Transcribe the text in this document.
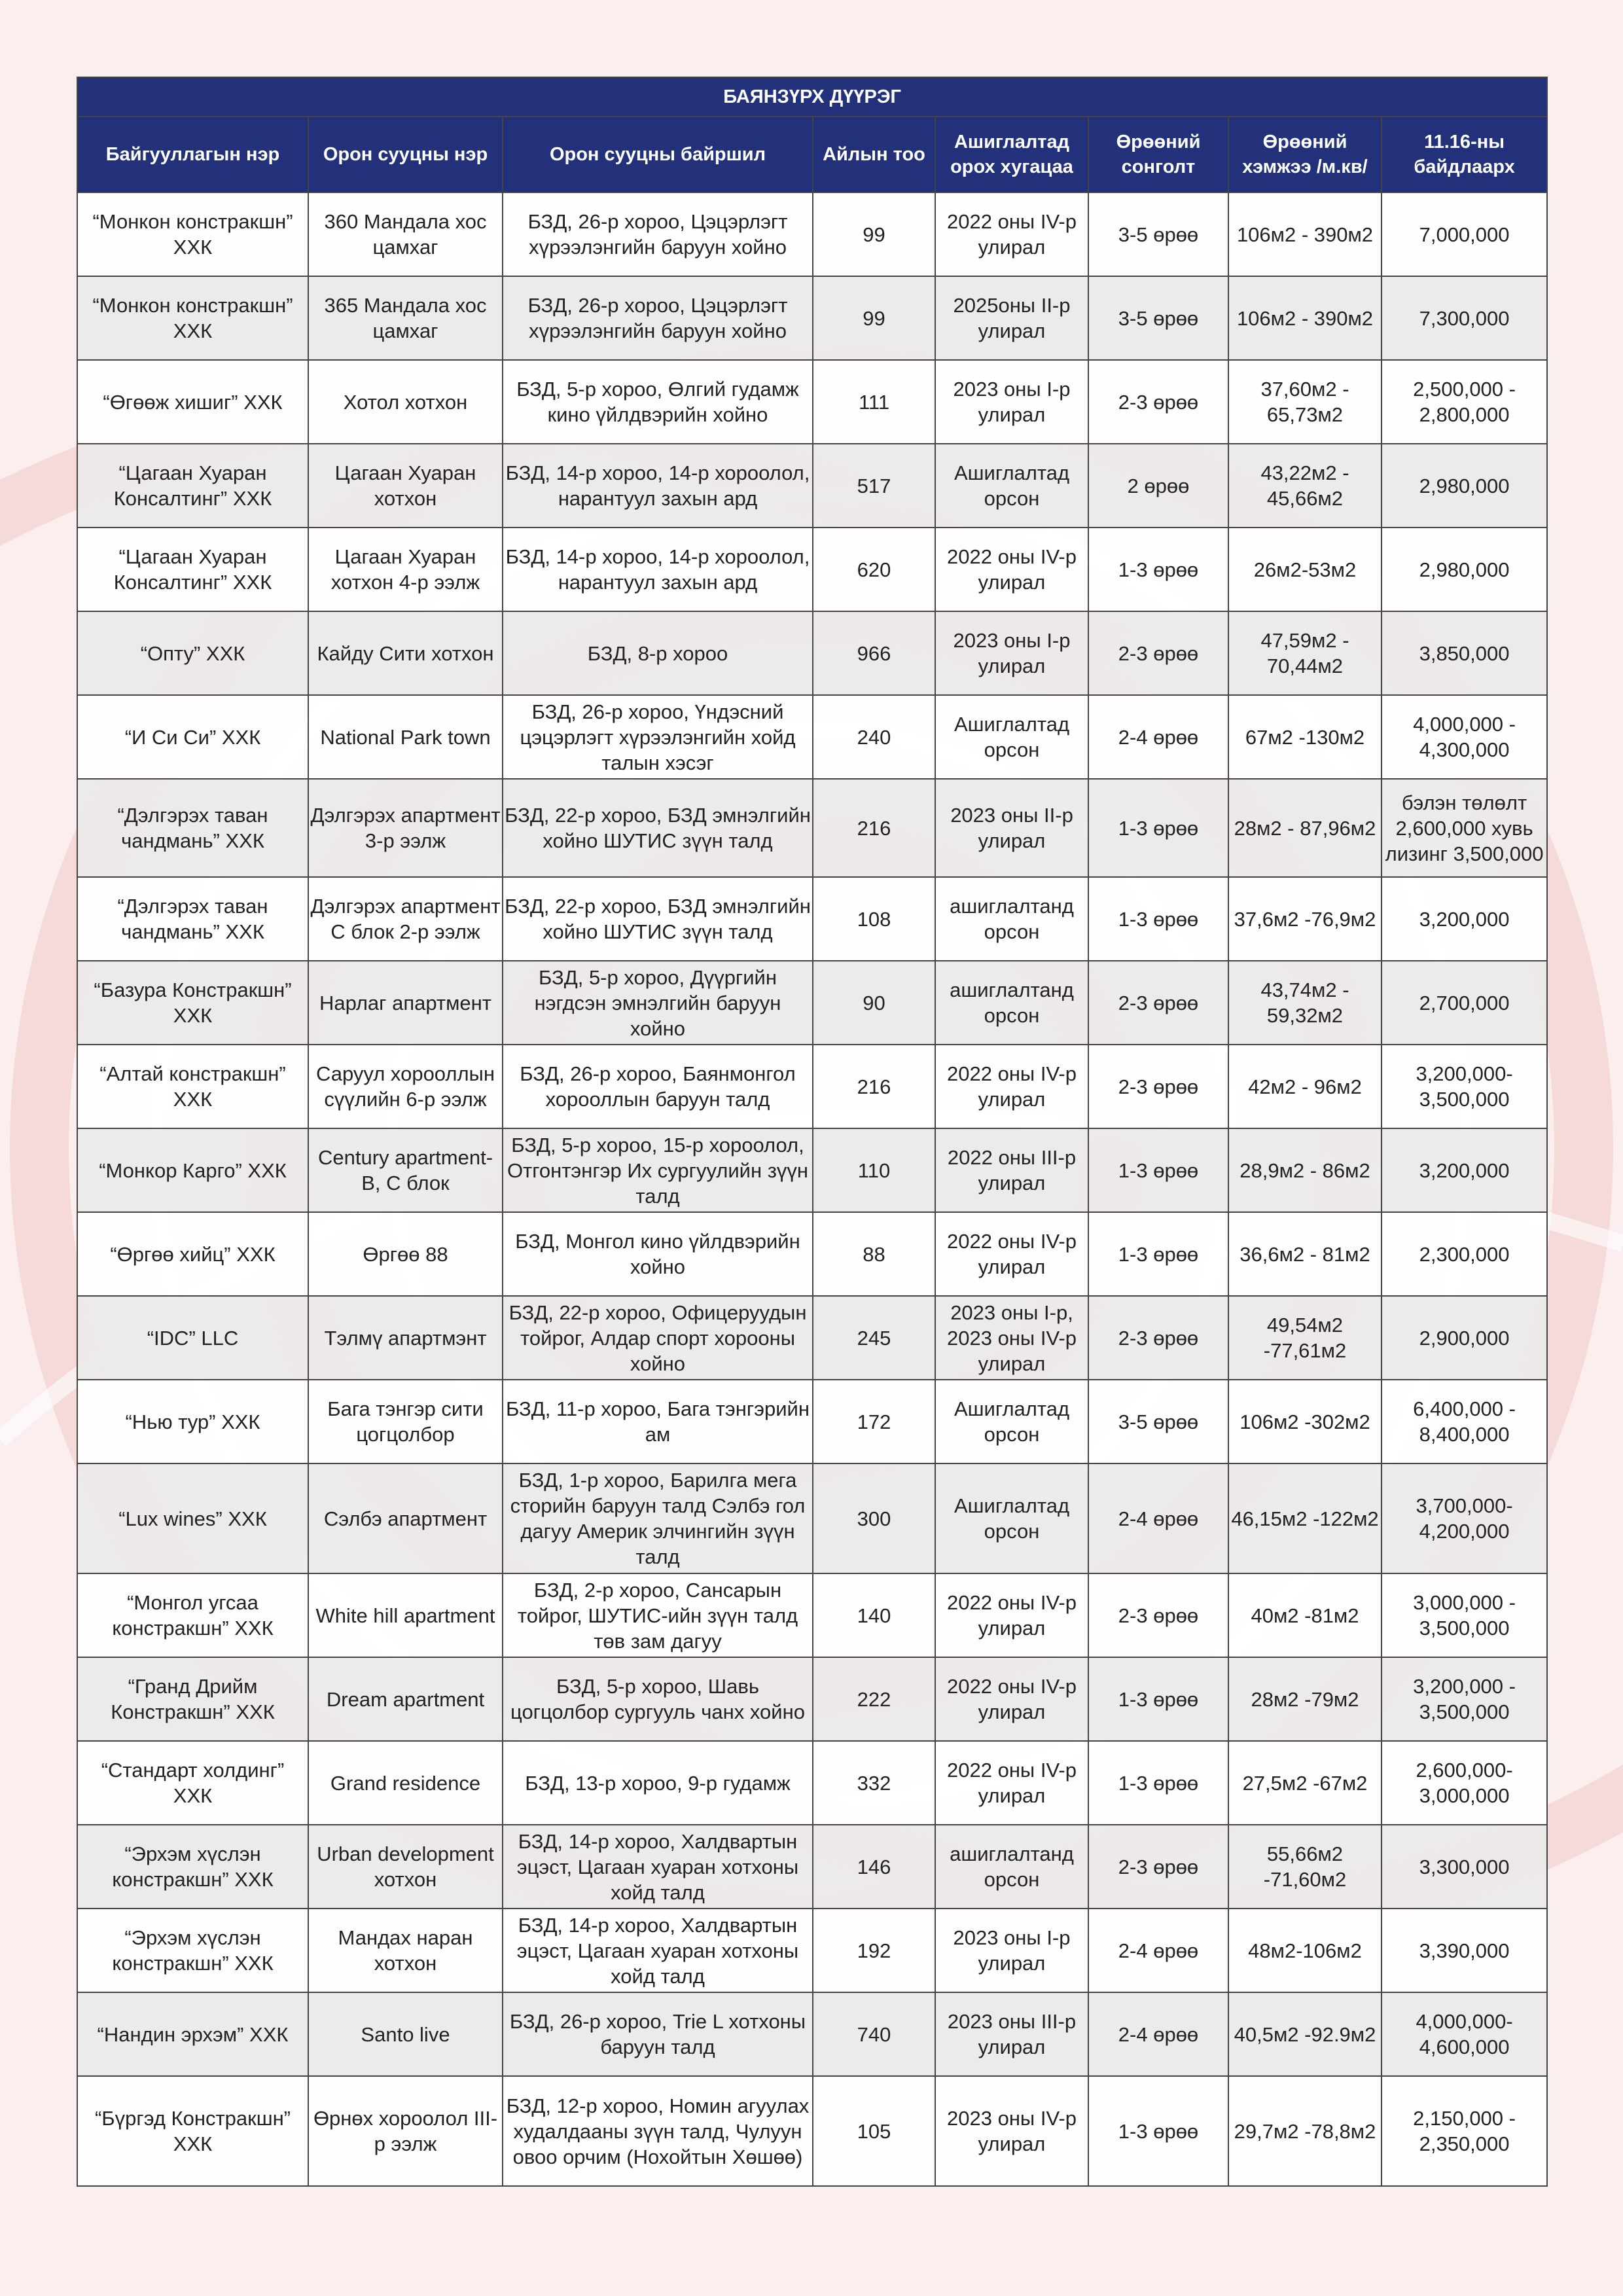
БАЯНЗҮРХ ДҮҮРЭГ							
Байгууллагын нэр	Орон сууцны нэр	Орон сууцны байршил	Айлын тоо	Ашиглалтад орох хугацаа	Өрөөний сонголт	Өрөөний хэмжээ /м.кв/	11.16-ны байдлаарх
“Монкон констракшн” ХХК	360 Мандала хос цамхаг	БЗД, 26-р хороо, Цэцэрлэгт хүрээлэнгийн баруун хойно	99	2022 оны IV-р улирал	3-5 өрөө	106м2 - 390м2	7,000,000
“Монкон констракшн” ХХК	365 Мандала хос цамхаг	БЗД, 26-р хороо, Цэцэрлэгт хүрээлэнгийн баруун хойно	99	2025оны II-р улирал	3-5 өрөө	106м2 - 390м2	7,300,000
“Өгөөж хишиг” ХХК	Хотол хотхон	БЗД, 5-р хороо, Өлгий гудамж кино үйлдвэрийн хойно	111	2023 оны I-р улирал	2-3 өрөө	37,60м2 - 65,73м2	2,500,000 - 2,800,000
“Цагаан Хуаран Консалтинг” ХХК	Цагаан Хуаран хотхон	БЗД, 14-р хороо, 14-р хороолол, нарантуул захын ард	517	Ашиглалтад орсон	2 өрөө	43,22м2 - 45,66м2	2,980,000
“Цагаан Хуаран Консалтинг” ХХК	Цагаан Хуаран хотхон 4-р ээлж	БЗД, 14-р хороо, 14-р хороолол, нарантуул захын ард	620	2022 оны IV-р улирал	1-3 өрөө	26м2-53м2	2,980,000
“Опту” ХХК	Кайду Сити хотхон	БЗД, 8-р хороо	966	2023 оны I-р улирал	2-3 өрөө	47,59м2 - 70,44м2	3,850,000
“И Си Си” ХХК	National Park town	БЗД, 26-р хороо, Үндэсний цэцэрлэгт хүрээлэнгийн хойд талын хэсэг	240	Ашиглалтад орсон	2-4 өрөө	67м2 -130м2	4,000,000 - 4,300,000
“Дэлгэрэх таван чандмань” ХХК	Дэлгэрэх апартмент 3-р ээлж	БЗД, 22-р хороо, БЗД эмнэлгийн хойно ШУТИС зүүн талд	216	2023 оны II-р улирал	1-3 өрөө	28м2 - 87,96м2	бэлэн төлөлт 2,600,000 хувь лизинг 3,500,000
“Дэлгэрэх таван чандмань” ХХК	Дэлгэрэх апартмент С блок 2-р ээлж	БЗД, 22-р хороо, БЗД эмнэлгийн хойно ШУТИС зүүн талд	108	ашиглалтанд орсон	1-3 өрөө	37,6м2 -76,9м2	3,200,000
“Базура Констракшн” ХХК	Нарлаг апартмент	БЗД, 5-р хороо, Дүүргийн нэгдсэн эмнэлгийн баруун хойно	90	ашиглалтанд орсон	2-3 өрөө	43,74м2 - 59,32м2	2,700,000
“Алтай констракшн” ХХК	Саруул хорооллын сүүлийн 6-р ээлж	БЗД, 26-р хороо, Баянмонгол хорооллын баруун талд	216	2022 оны IV-р улирал	2-3 өрөө	42м2 - 96м2	3,200,000- 3,500,000
“Монкор Карго” ХХК	Century apartment- B, C блок	БЗД, 5-р хороо, 15-р хороолол, Отгонтэнгэр Их сургуулийн зүүн талд	110	2022 оны III-р улирал	1-3 өрөө	28,9м2 - 86м2	3,200,000
“Өргөө хийц” ХХК	Өргөө 88	БЗД, Монгол кино үйлдвэрийн хойно	88	2022 оны IV-р улирал	1-3 өрөө	36,6м2 - 81м2	2,300,000
“IDC” LLC	Тэлмү апартмэнт	БЗД, 22-р хороо, Офицеруудын тойрог, Алдар спорт хорооны хойно	245	2023 оны I-р, 2023 оны IV-р улирал	2-3 өрөө	49,54м2 -77,61м2	2,900,000
“Нью тур” ХХК	Бага тэнгэр сити цогцолбор	БЗД, 11-р хороо, Бага тэнгэрийн ам	172	Ашиглалтад орсон	3-5 өрөө	106м2 -302м2	6,400,000 - 8,400,000
“Lux wines” ХХК	Сэлбэ апартмент	БЗД, 1-р хороо, Барилга мега сторийн баруун талд Сэлбэ гол дагуу Америк элчингийн зүүн талд	300	Ашиглалтад орсон	2-4 өрөө	46,15м2 -122м2	3,700,000- 4,200,000
“Монгол угсаа констракшн” ХХК	White hill apartment	БЗД, 2-р хороо, Сансарын тойрог, ШУТИС-ийн зүүн талд төв зам дагуу	140	2022 оны IV-р улирал	2-3 өрөө	40м2 -81м2	3,000,000 - 3,500,000
“Гранд Дрийм Констракшн” ХХК	Dream apartment	БЗД, 5-р хороо, Шавь цогцолбор сургууль чанх хойно	222	2022 оны IV-р улирал	1-3 өрөө	28м2 -79м2	3,200,000 - 3,500,000
“Стандарт холдинг” ХХК	Grand residence	БЗД, 13-р хороо, 9-р гудамж	332	2022 оны IV-р улирал	1-3 өрөө	27,5м2 -67м2	2,600,000- 3,000,000
“Эрхэм хүслэн констракшн” ХХК	Urban development хотхон	БЗД, 14-р хороо, Халдвартын эцэст, Цагаан хуаран хотхоны хойд талд	146	ашиглалтанд орсон	2-3 өрөө	55,66м2 -71,60м2	3,300,000
“Эрхэм хүслэн констракшн” ХХК	Мандах наран хотхон	БЗД, 14-р хороо, Халдвартын эцэст, Цагаан хуаран хотхоны хойд талд	192	2023 оны I-р улирал	2-4 өрөө	48м2-106м2	3,390,000
“Нандин эрхэм” ХХК	Santo live	БЗД, 26-р хороо, Trie L хотхоны баруун талд	740	2023 оны III-р улирал	2-4 өрөө	40,5м2 -92.9м2	4,000,000- 4,600,000
“Бүргэд Констракшн” ХХК	Өрнөх хороолол III-р ээлж	БЗД, 12-р хороо, Номин агуулах худалдааны зүүн талд, Чулуун овоо орчим (Нохойтын Хөшөө)	105	2023 оны IV-р улирал	1-3 өрөө	29,7м2 -78,8м2	2,150,000 - 2,350,000
